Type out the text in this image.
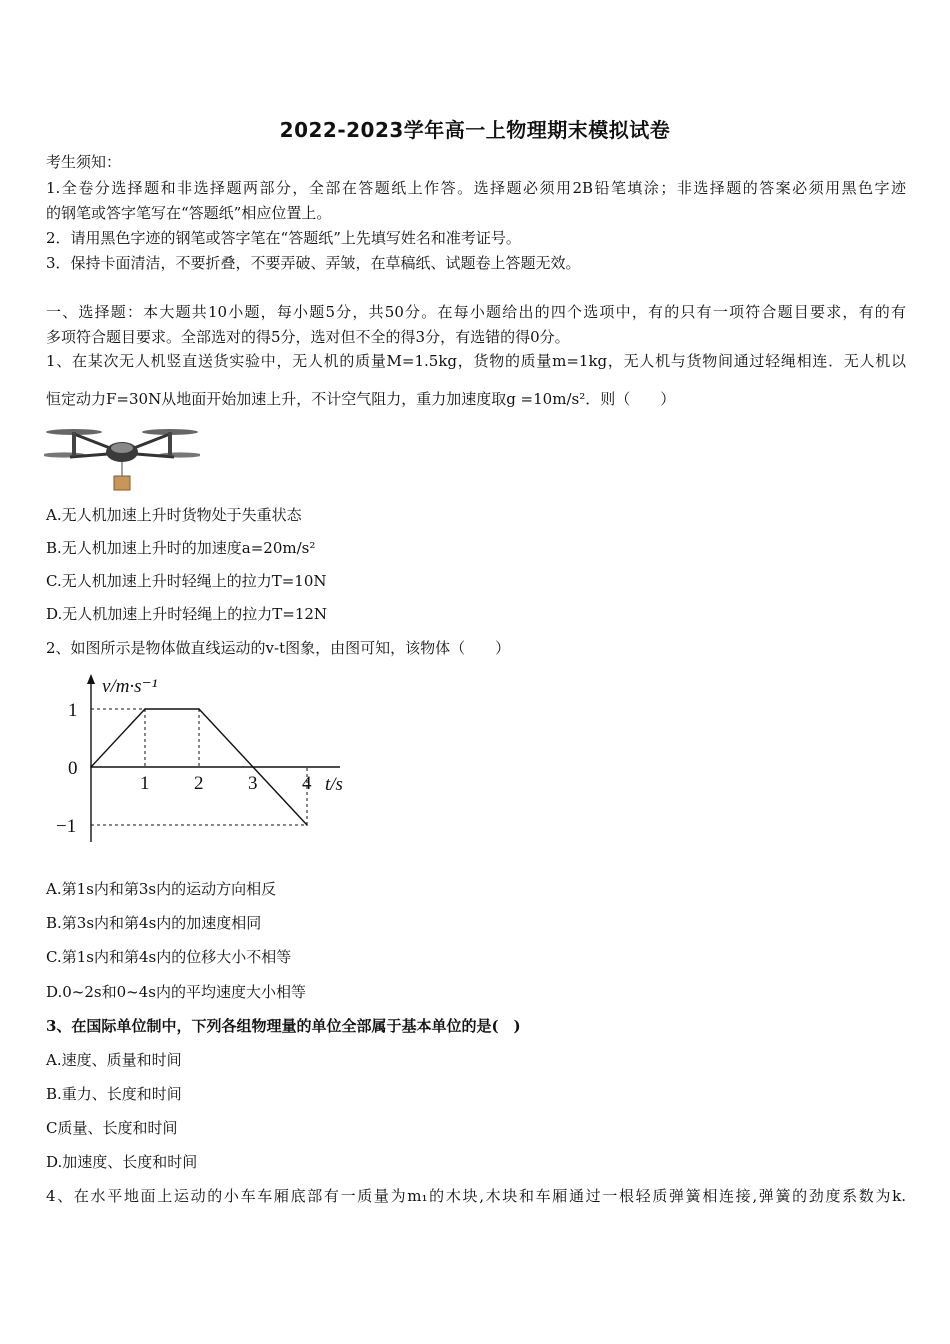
2022-2023学年高一上物理期末模拟试卷
考生须知：
1.全卷分选择题和非选择题两部分，全部在答题纸上作答。选择题必须用2B铅笔填涂；非选择题的答案必须用黑色字迹
的钢笔或答字笔写在“答题纸”相应位置上。
2．请用黑色字迹的钢笔或答字笔在“答题纸”上先填写姓名和准考证号。
3．保持卡面清洁，不要折叠，不要弄破、弄皱，在草稿纸、试题卷上答题无效。
一、选择题：本大题共10小题，每小题5分，共50分。在每小题给出的四个选项中，有的只有一项符合题目要求，有的有
多项符合题目要求。全部选对的得5分，选对但不全的得3分，有选错的得0分。
1、在某次无人机竖直送货实验中，无人机的质量M=1.5kg，货物的质量m=1kg，无人机与货物间通过轻绳相连．无人机以
恒定动力F=30N从地面开始加速上升，不计空气阻力，重力加速度取g =10m/s²．则（　　）
A.无人机加速上升时货物处于失重状态
B.无人机加速上升时的加速度a=20m/s²
C.无人机加速上升时轻绳上的拉力T=10N
D.无人机加速上升时轻绳上的拉力T=12N
2、如图所示是物体做直线运动的v-t图象，由图可知，该物体（　　）
1 2 3 4
1
0
−1
v/m·s⁻¹
t/s
A.第1s内和第3s内的运动方向相反
B.第3s内和第4s内的加速度相同
C.第1s内和第4s内的位移大小不相等
D.0~2s和0~4s内的平均速度大小相等
3、在国际单位制中，下列各组物理量的单位全部属于基本单位的是(　)
A.速度、质量和时间
B.重力、长度和时间
C质量、长度和时间
D.加速度、长度和时间
4、在水平地面上运动的小车车厢底部有一质量为m₁的木块,木块和车厢通过一根轻质弹簧相连接,弹簧的劲度系数为k.
